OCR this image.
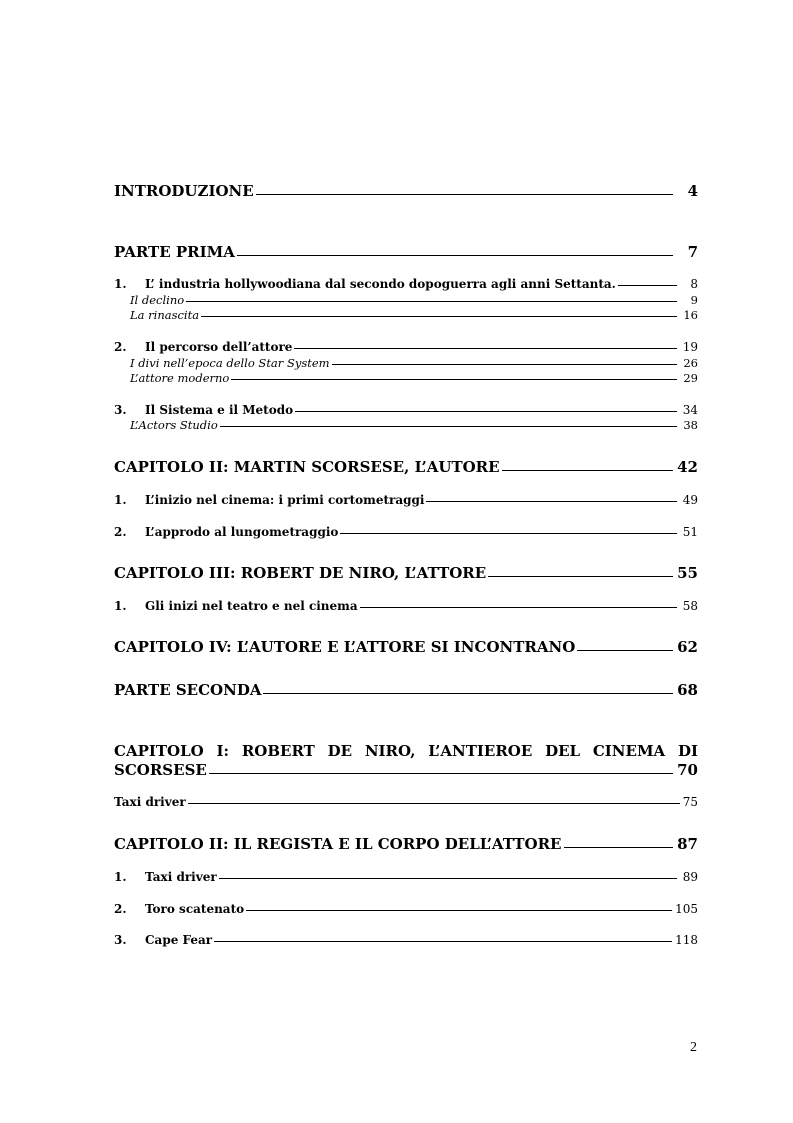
INTRODUZIONE	4
PARTE PRIMA	7
1. L’ industria hollywoodiana dal secondo dopoguerra agli anni Settanta.	8
Il declino	9
La rinascita	16
2. Il percorso dell’attore	19
I divi nell’epoca dello Star System	26
L’attore moderno	29
3. Il Sistema e il Metodo	34
L’Actors Studio	38
CAPITOLO II: MARTIN SCORSESE, L’AUTORE	42
1. L’inizio nel cinema: i primi cortometraggi	49
2. L’approdo al lungometraggio	51
CAPITOLO III: ROBERT DE NIRO, L’ATTORE	55
1. Gli inizi nel teatro e nel cinema	58
CAPITOLO IV: L’AUTORE E L’ATTORE SI INCONTRANO	62
PARTE SECONDA	68
CAPITOLO I: ROBERT DE NIRO, L’ANTIEROE DEL CINEMA DI
SCORSESE	70
Taxi driver	75
CAPITOLO II: IL REGISTA E IL CORPO DELL’ATTORE	87
1. Taxi driver	89
2. Toro scatenato	105
3. Cape Fear	118
2
